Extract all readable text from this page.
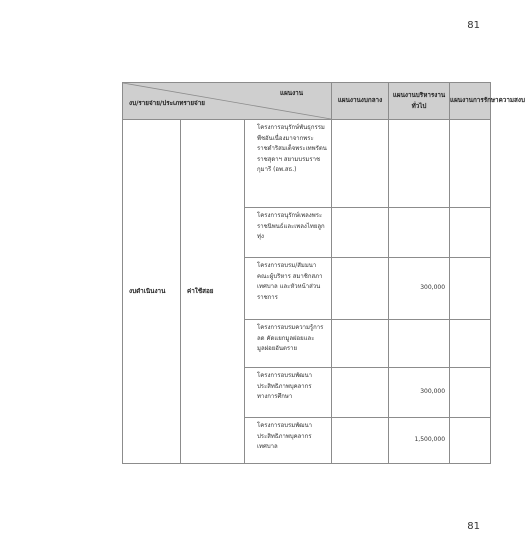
81
แผนงาน
งบ/รายจ่าย/ประเภทรายจ่าย			แผนงานงบกลาง	แผนงานบริหารงานทั่วไป	แผนงานการรักษาความสงบ
งบดำเนินงาน	ค่าใช้สอย	โครงการอนุรักษ์พันธุกรรมพืชอันเนื่องมาจากพระราชดำริสมเด็จพระเทพรัตนราชสุดาฯ สยามบรมราชกุมารี (อพ.สธ.)			
		โครงการอนุรักษ์เพลงพระราชนิพนธ์และเพลงไทยลูกทุ่ง			
		โครงการอบรม/สัมมนาคณะผู้บริหาร สมาชิกสภาเทศบาล และหัวหน้าส่วนราชการ		300,000	
		โครงการอบรมความรู้การลด คัดแยกมูลฝอยและมูลฝอยอันตราย			
		โครงการอบรมพัฒนาประสิทธิภาพบุคลากรทางการศึกษา		300,000	
		โครงการอบรมพัฒนาประสิทธิภาพบุคลากรเทศบาล		1,500,000	
81
